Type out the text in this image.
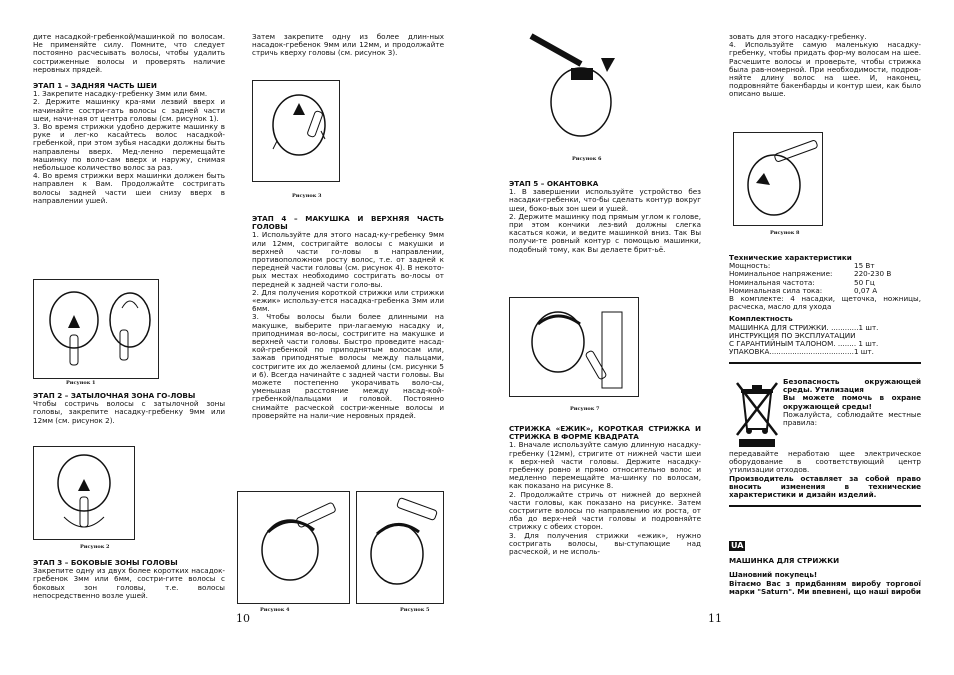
дите насадкой-гребенкой/машинкой по волосам. Не применяйте силу. Помните, что следует постоянно расчесывать волосы, чтобы удалить состриженные волосы и проверять наличие неровных прядей.

ЭТАП 1 – ЗАДНЯЯ ЧАСТЬ ШЕИ

1. Закрепите насадку-гребенку 3мм или 6мм.

2. Держите машинку кра-ями лезвий вверх и начинайте состри-гать волосы с задней части шеи, начи-ная от центра головы (см. рисунок 1).

3. Во время стрижки удобно держите машинку в руке и лег-ко касайтесь волос насадкой-гребенкой, при этом зубья насадки должны быть направлены вверх. Мед-ленно перемещайте машинку по воло-сам вверх и наружу, снимая небольшое количество волос за раз.

4. Во время стрижки верх машинки должен быть направлен к Вам. Продолжайте состригать волосы задней части шеи снизу вверх в направлении ушей.

Рисунок 1

ЭТАП 2 – ЗАТЫЛОЧНАЯ ЗОНА ГО-ЛОВЫ

Чтобы состричь волосы с затылочной зоны головы, закрепите насадку-гребенку 9мм или 12мм (см. рисунок 2).

Рисунок 2

ЭТАП 3 – БОКОВЫЕ ЗОНЫ ГОЛОВЫ

Закрепите одну из двух более коротких насадок-гребенок 3мм или 6мм, состри-гите волосы с боковых зон головы, т.е. волосы непосредственно возле ушей.

Затем закрепите одну из более длин-ных насадок-гребенок 9мм или 12мм, и продолжайте стричь кверху головы (см. рисунок 3).

Рисунок 3

ЭТАП 4 – МАКУШКА И ВЕРХНЯЯ ЧАСТЬ ГОЛОВЫ

1. Используйте для этого насад-ку-гребенку 9мм или 12мм, состригайте волосы с макушки и верхней части го-ловы в направлении, противоположном росту волос, т.е. от задней к передней части головы (см. рисунок 4). В некото-рых местах необходимо состригать во-лосы от передней к задней части голо-вы.

2. Для получения короткой стрижки или стрижки «ежик» использу-ется насадка-гребенка 3мм или 6мм.

3. Чтобы волосы были более длинными на макушке, выберите при-лагаемую насадку и, приподнимая во-лосы, состригите на макушке и верхней части головы. Быстро проведите насад-кой-гребенкой по приподнятым волосам или, зажав приподнятые волосы между пальцами, состригите их до желаемой длины (см. рисунки 5 и 6). Всегда начинайте с задней части головы. Вы можете постепенно укорачивать воло-сы, уменьшая расстояние между насад-кой-гребенкой/пальцами и головой. Постоянно снимайте расческой состри-женные волосы и проверяйте на нали-чие неровных прядей.

Рисунок 4	Рисунок 5
10
Рисунок 6

ЭТАП 5 – ОКАНТОВКА

1. В завершении используйте устройство без насадки-гребенки, что-бы сделать контур вокруг шеи, боко-вых зон шеи и ушей.

2. Держите машинку под прямым углом к голове, при этом кончики лез-вий должны слегка касаться кожи, и ведите машинкой вниз. Так Вы получи-те ровный контур с помощью машинки, подобный тому, как Вы делаете брит-ьё.

Рисунок 7

СТРИЖКА «ЕЖИК», КОРОТКАЯ СТРИЖКА И СТРИЖКА В ФОРМЕ КВАДРАТА

1. Вначале используйте самую длинную насадку-гребенку (12мм), стригите от нижней части шеи к верх-ней части головы. Держите насадку-гребенку ровно и прямо относительно волос и медленно перемещайте ма-шинку по волосам, как показано на рисунке 8.

2. Продолжайте стричь от нижней до верхней части головы, как показано на рисунке. Затем состригите волосы по направлению их роста, от лба до верх-ней части головы и подровняйте стрижку с обеих сторон.

3. Для получения стрижки «ежик», нужно состригать волосы, вы-ступающие над расческой, и не исполь-

зовать для этого насадку-гребенку.

4. Используйте самую маленькую насадку-гребенку, чтобы придать фор-му волосам на шее. Расчешите волосы и проверьте, чтобы стрижка была рав-номерной. При необходимости, подров-няйте длину волос на шее. И, наконец, подровняйте бакенбарды и контур шеи, как было описано выше.

Рисунок 8

Технические характеристики

Мощность:	15 Вт
Номинальное напряжение:	220-230 В
Номинальная частота:	50 Гц
Номинальная сила тока:	0,07 А

В комплекте: 4 насадки, щеточка, ножницы, расческа, масло для ухода

Комплектность

МАШИНКА ДЛЯ СТРИЖКИ. ............1 шт.

ИНСТРУКЦИЯ ПО ЭКСПЛУАТАЦИИ

С ГАРАНТИЙНЫМ ТАЛОНОМ. ........ 1 шт.

УПАКОВКА.....................................1 шт.

Безопасность окружающей среды. Утилизация

Вы можете помочь в охране окружающей среды!

Пожалуйста, соблюдайте местные правила:

передавайте неработаю щее электрическое оборудование в соответствующий центр утилизации отходов.

Производитель оставляет за собой право вносить изменения в технические характеристики и дизайн изделий.

UA

МАШИНКА ДЛЯ СТРИЖКИ

Шановний покупець!

Вітаємо Вас з придбанням виробу торгової марки "Saturn". Ми впевнені, що наші вироби

11
